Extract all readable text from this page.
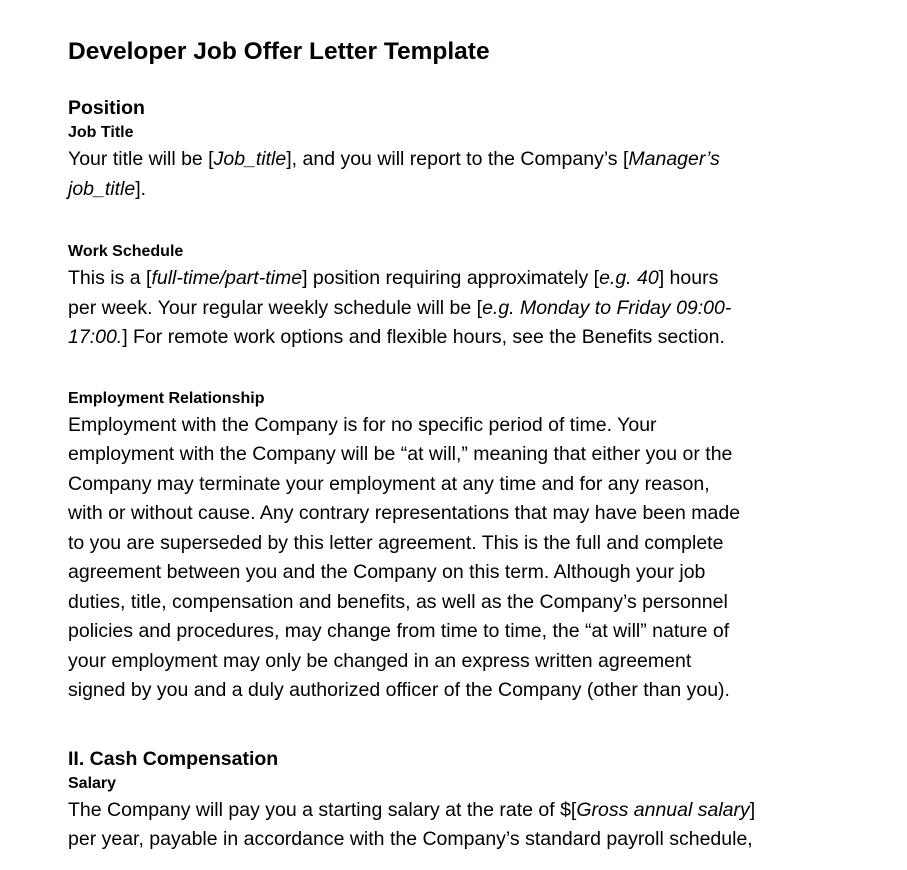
Developer Job Offer Letter Template
Position
Job Title

Your title will be [Job_title], and you will report to the Company’s [Manager’s
job_title].

Work Schedule

This is a [full-time/part-time] position requiring approximately [e.g. 40] hours
per week. Your regular weekly schedule will be [e.g. Monday to Friday 09:00-
17:00.] For remote work options and flexible hours, see the Benefits section.

Employment Relationship

Employment with the Company is for no specific period of time. Your
employment with the Company will be “at will,” meaning that either you or the
Company may terminate your employment at any time and for any reason,
with or without cause. Any contrary representations that may have been made
to you are superseded by this letter agreement. This is the full and complete
agreement between you and the Company on this term. Although your job
duties, title, compensation and benefits, as well as the Company’s personnel
policies and procedures, may change from time to time, the “at will” nature of
your employment may only be changed in an express written agreement
signed by you and a duly authorized officer of the Company (other than you).

II. Cash Compensation
Salary

The Company will pay you a starting salary at the rate of $[Gross annual salary]
per year, payable in accordance with the Company’s standard payroll schedule,
